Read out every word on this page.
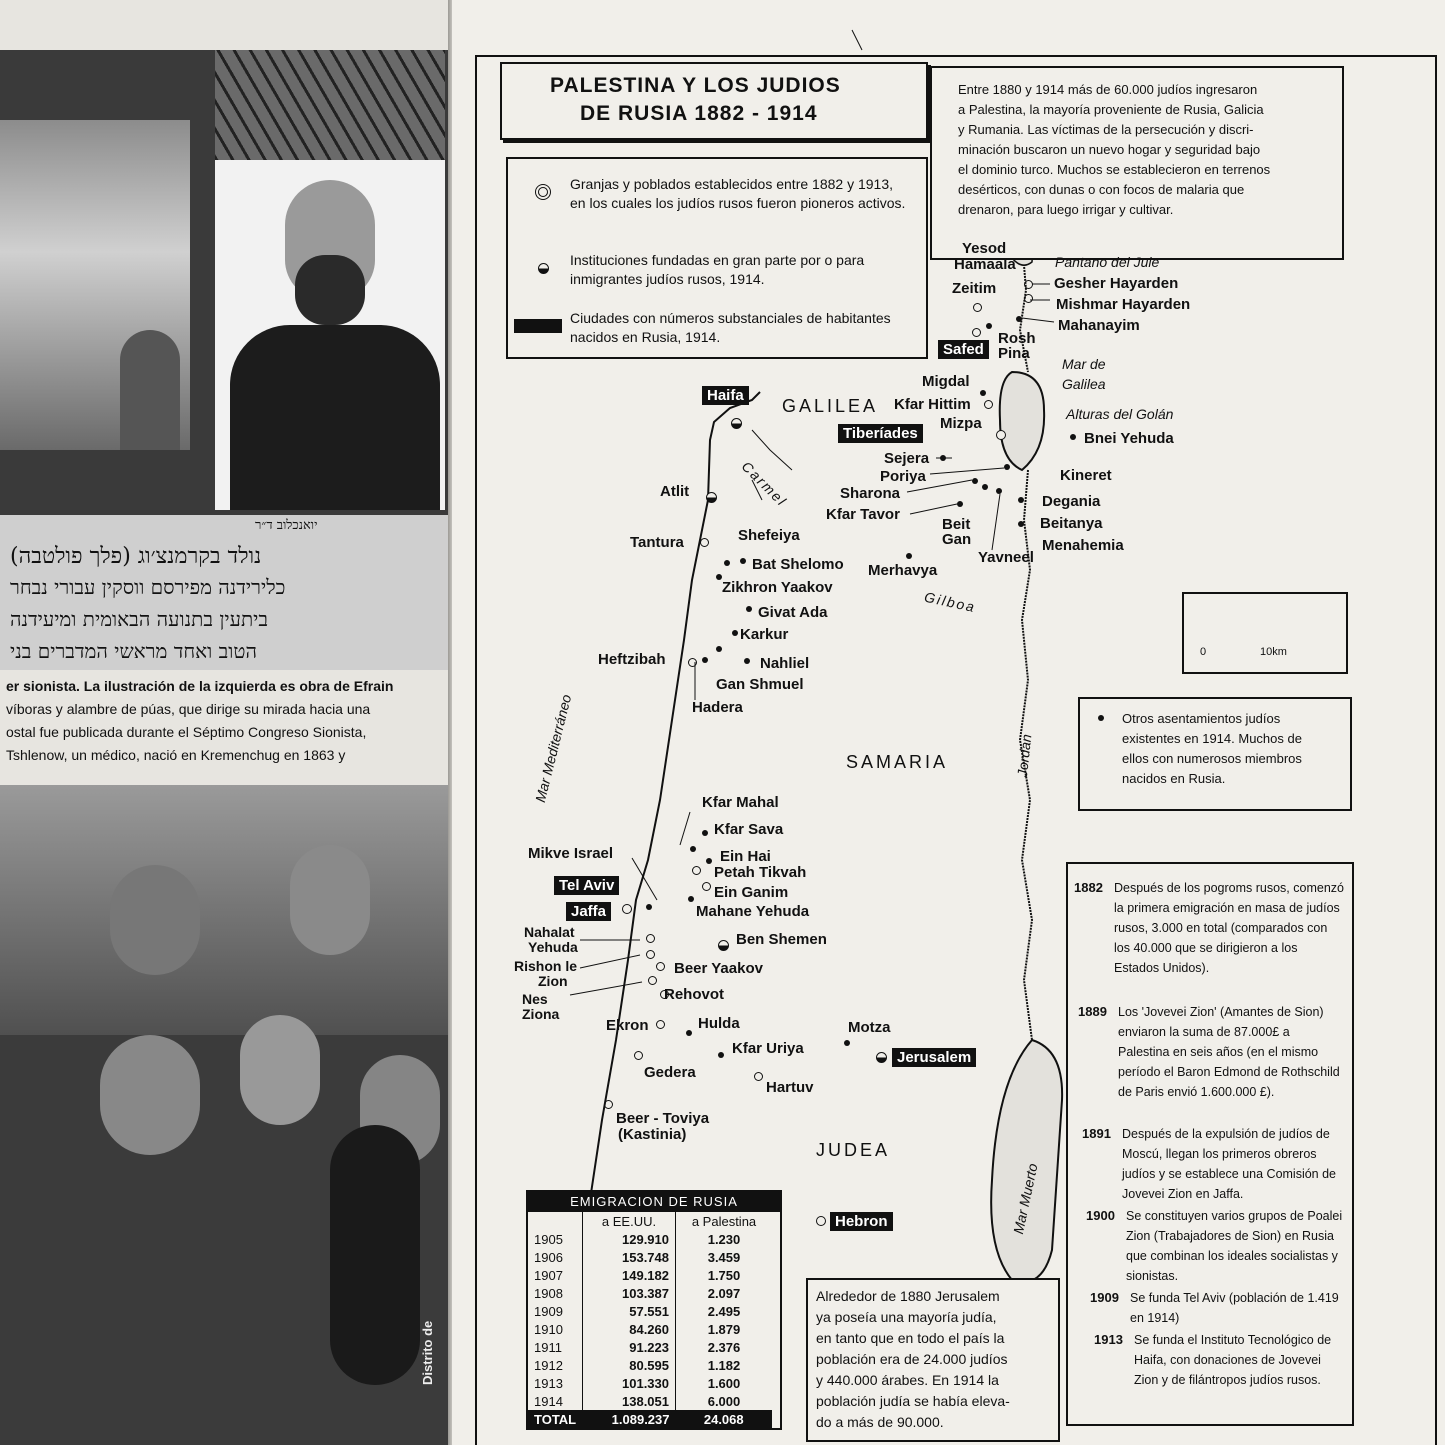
יואנכלוב ד״ר
נולד בקרמנצ׳וג (פלך פולטבה)
כלירידנה מפירסם ווסקין עבורי נבחר
ביתעין בתנועה הבאומית ומיעידנה
הטוב ואחד מראשי המדברים בני
er sionista. La ilustración de la izquierda es obra de Efrain
víboras y alambre de púas, que dirige su mirada hacia una
ostal fue publicada durante el Séptimo Congreso Sionista,
Tshlenow, un médico, nació en Kremenchug en 1863 y
Distrito de
PALESTINA Y LOS JUDIOS
DE RUSIA 1882 - 1914
Entre 1880 y 1914 más de 60.000 judíos ingresaron
a Palestina, la mayoría proveniente de Rusia, Galicia
y Rumania. Las víctimas de la persecución y discri-
minación buscaron un nuevo hogar y seguridad bajo
el dominio turco. Muchos se establecieron en terrenos
desérticos, con dunas o con focos de malaria que
drenaron, para luego irrigar y cultivar.
Granjas y poblados establecidos entre 1882 y 1913, en los cuales los judíos rusos fueron pioneros activos.
Instituciones fundadas en gran parte por o para inmigrantes judíos rusos, 1914.
Ciudades con números substanciales de habitantes nacidos en Rusia, 1914.
0	10km
Otros asentamientos judíos existentes en 1914. Muchos de ellos con numerosos miembros nacidos en Rusia.
1882 Después de los pogroms rusos, comenzó la primera emigración en masa de judíos rusos, 3.000 en total (comparados con los 40.000 que se dirigieron a los Estados Unidos).
1889 Los 'Jovevei Zion' (Amantes de Sion) enviaron la suma de 87.000£ a Palestina en seis años (en el mismo período el Baron Edmond de Rothschild de Paris envió 1.600.000 £).
1891 Después de la expulsión de judíos de Moscú, llegan los primeros obreros judíos y se establece una Comisión de Jovevei Zion en Jaffa.
1900 Se constituyen varios grupos de Poalei Zion (Trabajadores de Sion) en Rusia que combinan los ideales socialistas y sionistas.
1909 Se funda Tel Aviv (población de 1.419 en 1914)
1913 Se funda el Instituto Tecnológico de Haifa, con donaciones de Jovevei Zion y de filántropos judíos rusos.
Alrededor de 1880 Jerusalem
ya poseía una mayoría judía,
en tanto que en todo el país la
población era de 24.000 judíos
y 440.000 árabes. En 1914 la
población judía se había eleva-
do a más de 90.000.
EMIGRACION DE RUSIA
	a EE.UU.	a Palestina
1905	129.910	1.230
1906	153.748	3.459
1907	149.182	1.750
1908	103.387	2.097
1909	57.551	2.495
1910	84.260	1.879
1911	91.223	2.376
1912	80.595	1.182
1913	101.330	1.600
1914	138.051	6.000
TOTAL	1.089.237	24.068
GALILEA
SAMARIA
JUDEA
Pantano del Jule
Mar de
Galilea
Alturas del Golán
Carmel
Gilboa
Mar Mediterráneo	Jordan
Mar Muerto
Haifa
Tiberíades
Safed
Tel Aviv
Jaffa
Jerusalem
Hebron
Yesod
Hamaala
Zeitim
Rosh
Pina
Gesher Hayarden
Mishmar Hayarden
Mahanayim
Migdal
Kfar Hittim
Mizpa
Bnei Yehuda
Sejera
Poriya	Kineret
Sharona	Degania
Kfar Tavor
Beitanya
Beit
Gan	Menahemia
Yavneel
Atlit
Tantura	Shefeiya
Bat Shelomo Merhavya
Zikhron Yaakov
Givat Ada
Karkur
Heftzibah	Nahliel
Gan Shmuel
Hadera
Kfar Mahal
Kfar Sava
Mikve Israel	Ein Hai
Petah Tikvah
Ein Ganim
Mahane Yehuda
Nahalat
Yehuda	Ben Shemen
Rishon le
Zion
Beer Yaakov
Nes
Ziona
Rehovot
Ekron	Hulda	Motza
Kfar Uriya
Gedera
Hartuv
Beer - Toviya
(Kastinia)
